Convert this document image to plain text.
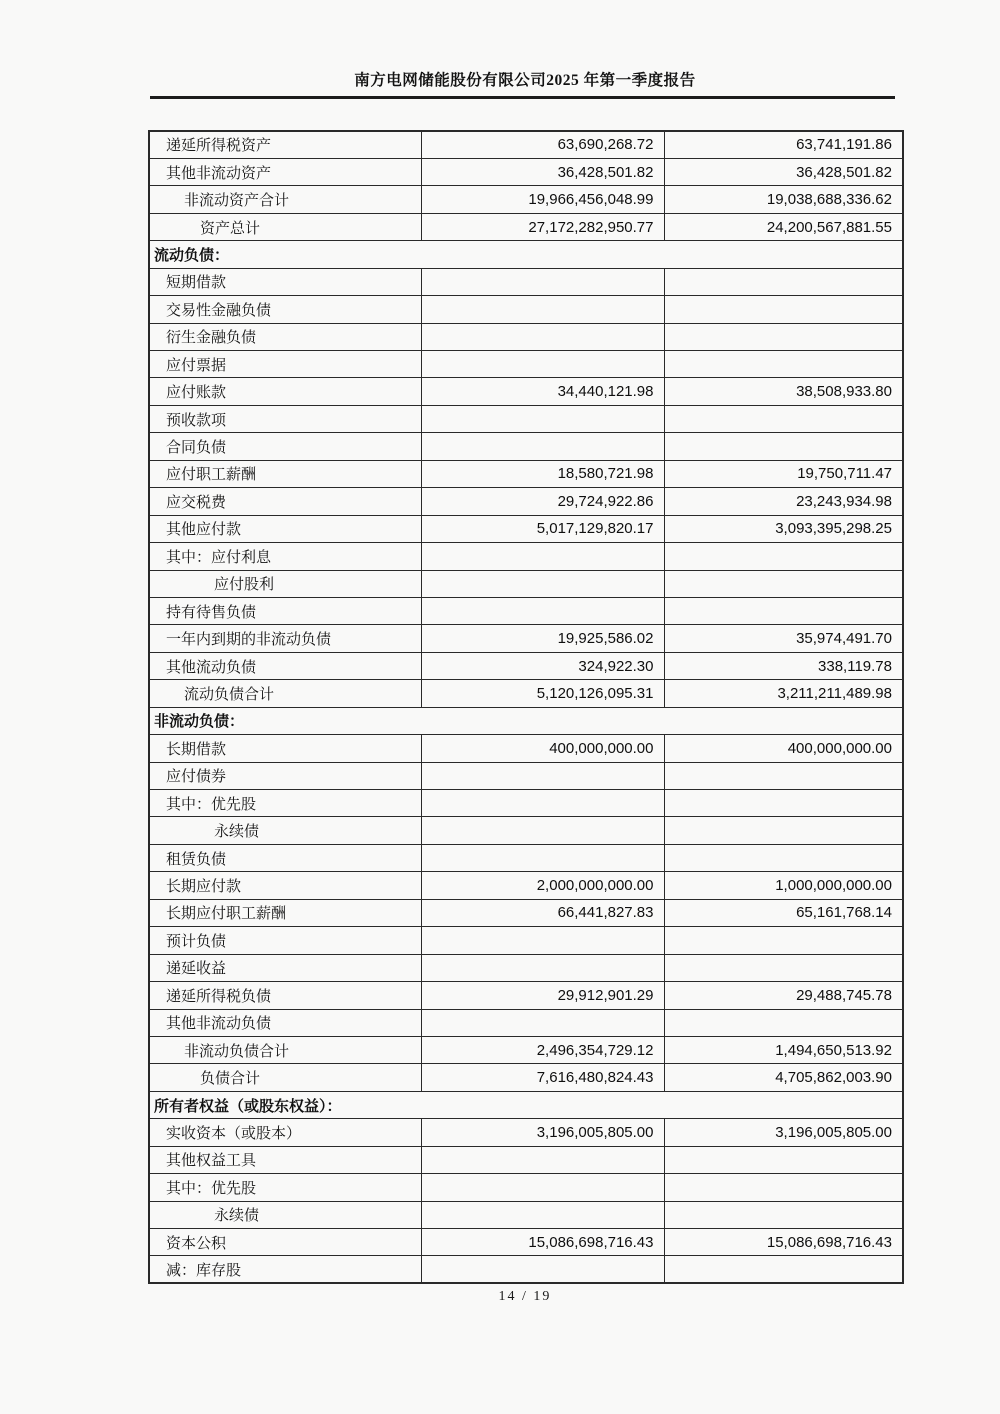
南方电网储能股份有限公司2025 年第一季度报告
递延所得税资产	63,690,268.72	63,741,191.86
其他非流动资产	36,428,501.82	36,428,501.82
非流动资产合计	19,966,456,048.99	19,038,688,336.62
资产总计	27,172,282,950.77	24,200,567,881.55
流动负债：		
短期借款		
交易性金融负债		
衍生金融负债		
应付票据		
应付账款	34,440,121.98	38,508,933.80
预收款项		
合同负债		
应付职工薪酬	18,580,721.98	19,750,711.47
应交税费	29,724,922.86	23,243,934.98
其他应付款	5,017,129,820.17	3,093,395,298.25
其中：应付利息		
应付股利		
持有待售负债		
一年内到期的非流动负债	19,925,586.02	35,974,491.70
其他流动负债	324,922.30	338,119.78
流动负债合计	5,120,126,095.31	3,211,211,489.98
非流动负债：		
长期借款	400,000,000.00	400,000,000.00
应付债券		
其中：优先股		
永续债		
租赁负债		
长期应付款	2,000,000,000.00	1,000,000,000.00
长期应付职工薪酬	66,441,827.83	65,161,768.14
预计负债		
递延收益		
递延所得税负债	29,912,901.29	29,488,745.78
其他非流动负债		
非流动负债合计	2,496,354,729.12	1,494,650,513.92
负债合计	7,616,480,824.43	4,705,862,003.90
所有者权益（或股东权益）：		
实收资本（或股本）	3,196,005,805.00	3,196,005,805.00
其他权益工具		
其中：优先股		
永续债		
资本公积	15,086,698,716.43	15,086,698,716.43
减：库存股		
14 / 19
